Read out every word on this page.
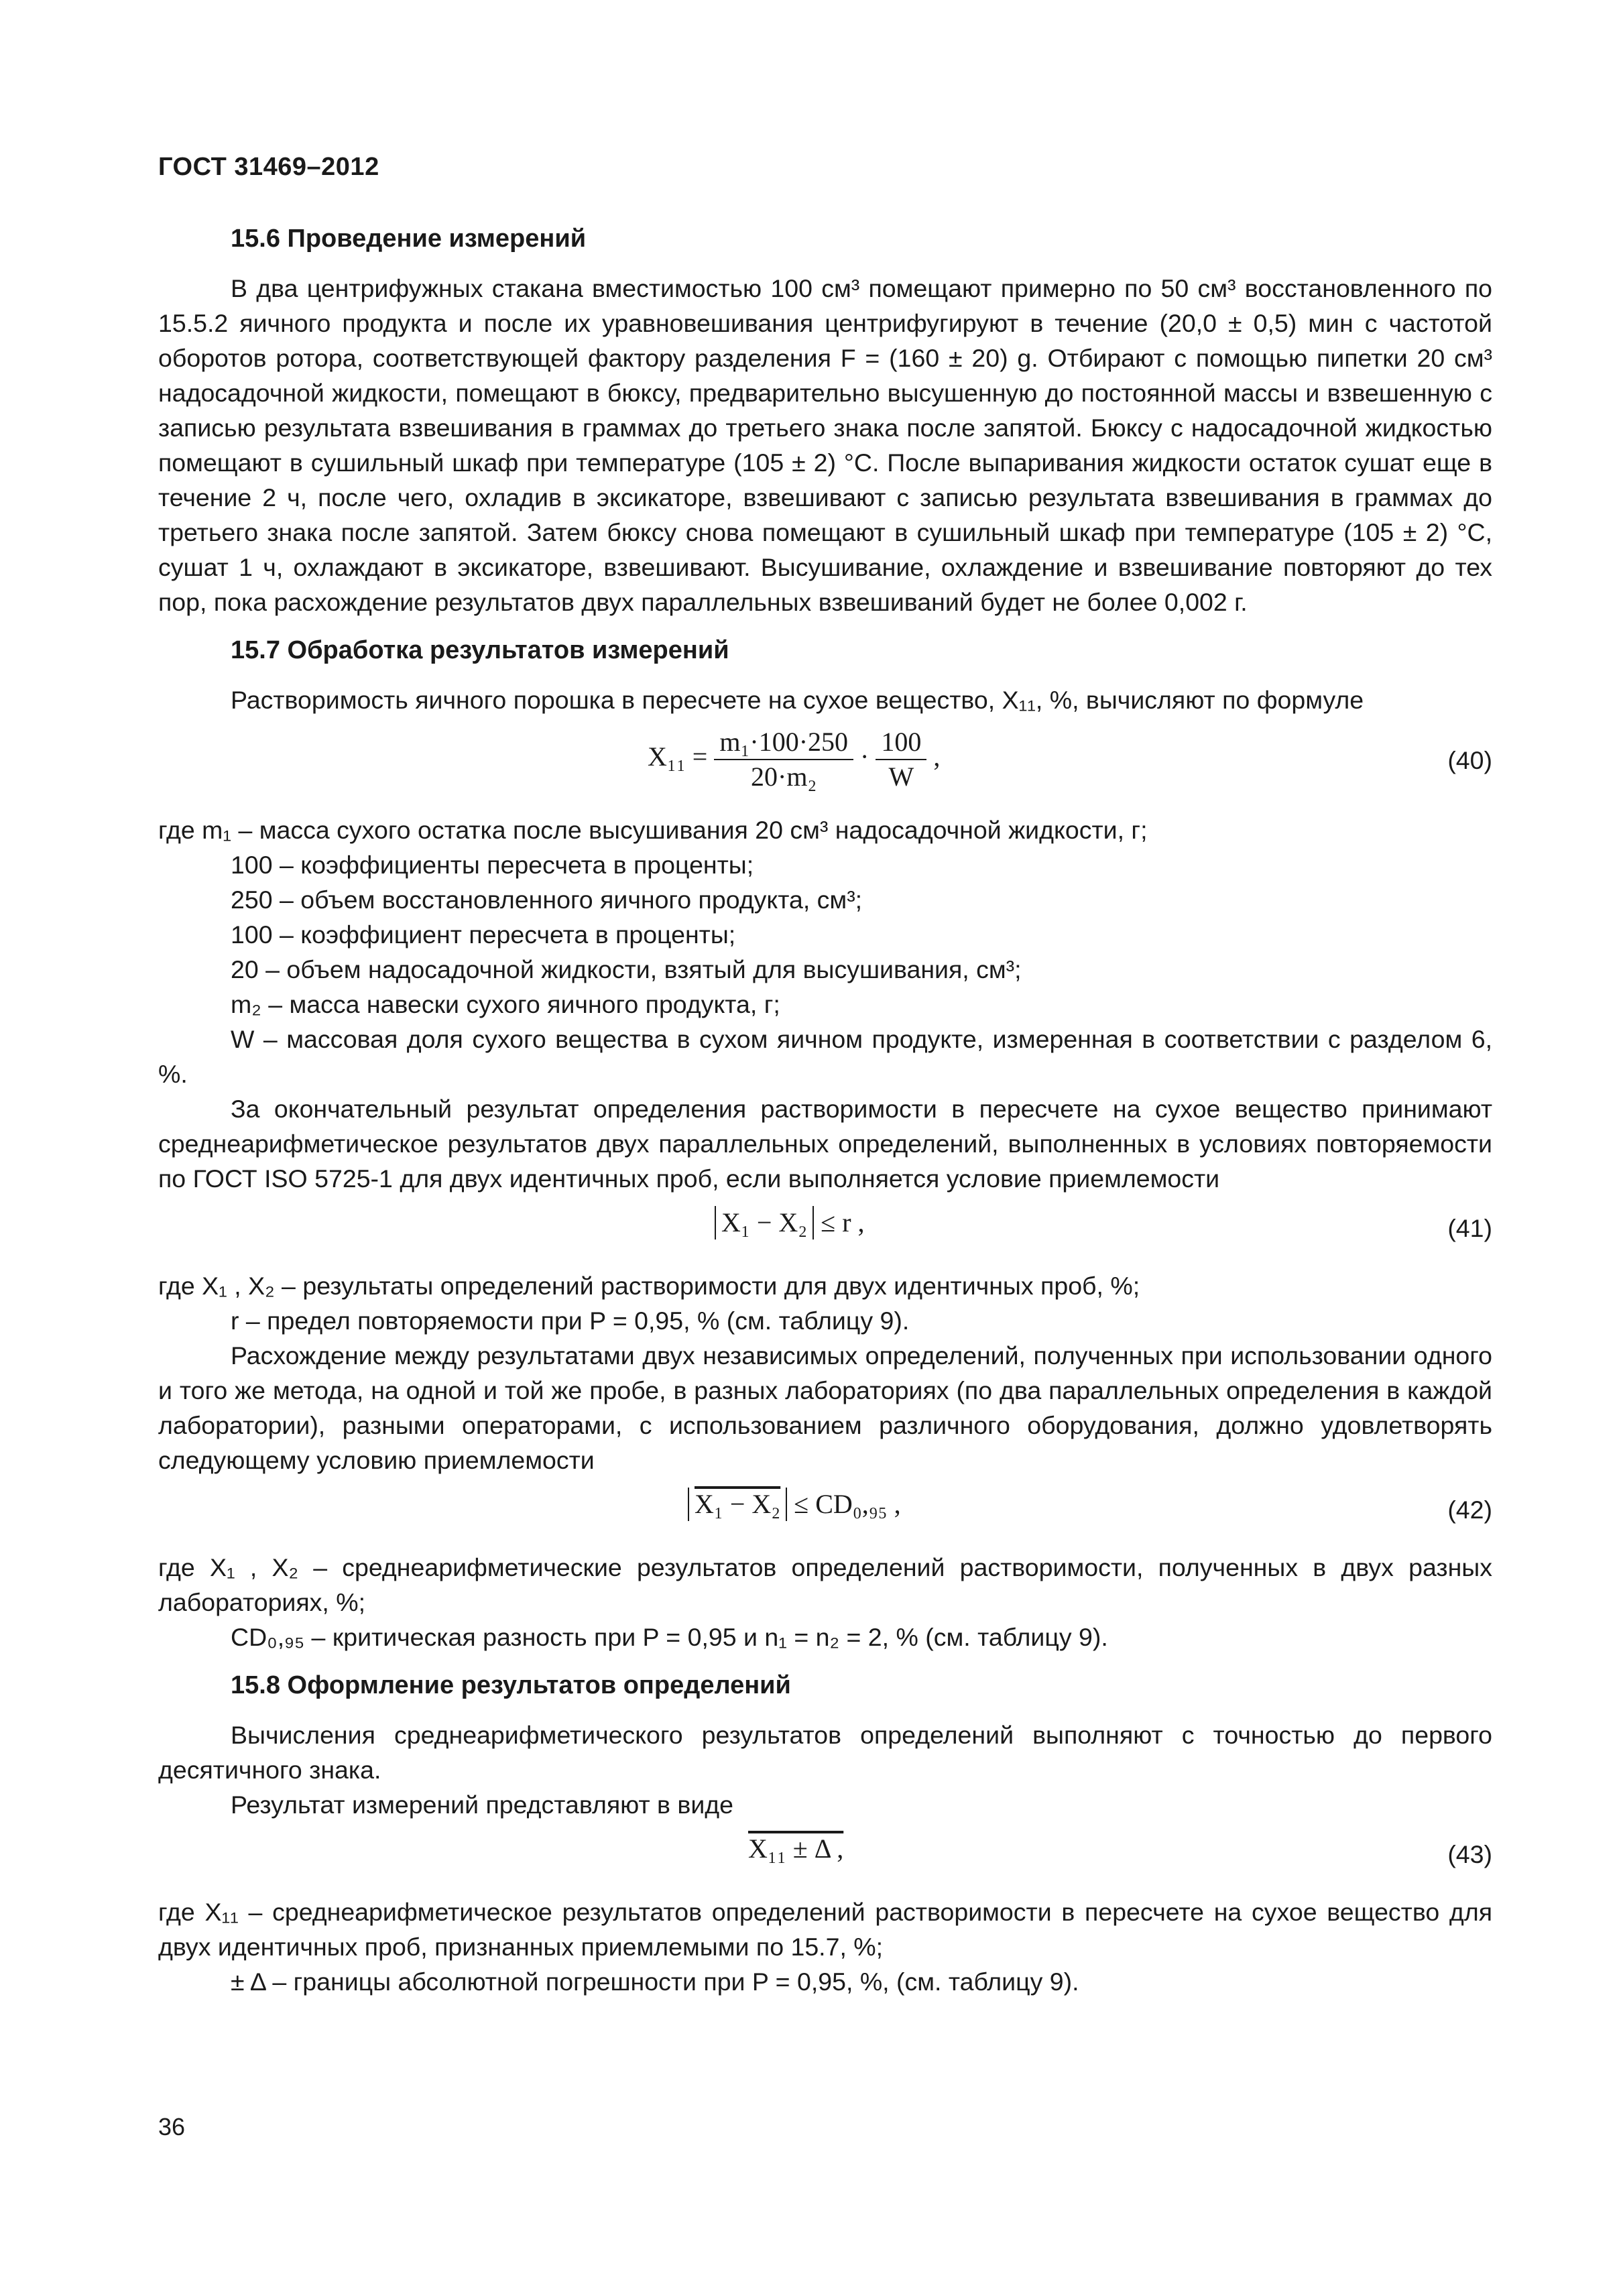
ГОСТ 31469–2012
15.6 Проведение измерений

В два центрифужных стакана вместимостью 100 см³ помещают примерно по 50 см³ восстановленного по 15.5.2 яичного продукта и после их уравновешивания центрифугируют в течение (20,0 ± 0,5) мин с частотой оборотов ротора, соответствующей фактору разделения F = (160 ± 20) g. Отбирают с помощью пипетки 20 см³ надосадочной жидкости, помещают в бюксу, предварительно высушенную до постоянной массы и взвешенную с записью результата взвешивания в граммах до третьего знака после запятой. Бюксу с надосадочной жидкостью помещают в сушильный шкаф при температуре (105 ± 2) °С. После выпаривания жидкости остаток сушат еще в течение 2 ч, после чего, охладив в эксикаторе, взвешивают с записью результата взвешивания в граммах до третьего знака после запятой. Затем бюксу снова помещают в сушильный шкаф при температуре (105 ± 2) °С, сушат 1 ч, охлаждают в эксикаторе, взвешивают. Высушивание, охлаждение и взвешивание повторяют до тех пор, пока расхождение результатов двух параллельных взвешиваний будет не более 0,002 г.

15.7 Обработка результатов измерений

Растворимость яичного порошка в пересчете на сухое вещество, X₁₁, %, вычисляют по формуле

$X_{11} = \frac{\text{m₁·100·250}}{\text{20·m₂}} \cdot \frac{100}{W}$ ,	(40)

где m₁ – масса сухого остатка после высушивания 20 см³ надосадочной жидкости, г;

100 – коэффициенты пересчета в проценты;

250 – объем восстановленного яичного продукта, см³;

100 – коэффициент пересчета в проценты;

20 – объем надосадочной жидкости, взятый для высушивания, см³;

m₂ – масса навески сухого яичного продукта, г;

W – массовая доля сухого вещества в сухом яичном продукте, измеренная в соответствии с разделом 6, %.

За окончательный результат определения растворимости в пересчете на сухое вещество принимают среднеарифметическое результатов двух параллельных определений, выполненных в условиях повторяемости по ГОСТ ISO 5725-1 для двух идентичных проб, если выполняется условие приемлемости

X₁ − X₂ ≤ r ,	(41)

где X₁ , X₂ – результаты определений растворимости для двух идентичных проб, %;

r – предел повторяемости при P = 0,95, % (см. таблицу 9).

Расхождение между результатами двух независимых определений, полученных при использовании одного и того же метода, на одной и той же пробе, в разных лабораториях (по два параллельных определения в каждой лаборатории), разными операторами, с использованием различного оборудования, должно удовлетворять следующему условию приемлемости

X₁ − X₂ ≤ CD₀,₉₅ ,	(42)

где X₁ , X₂ – среднеарифметические результатов определений растворимости, полученных в двух разных лабораториях, %;

CD₀,₉₅ – критическая разность при P = 0,95 и n₁ = n₂ = 2, % (см. таблицу 9).

15.8 Оформление результатов определений

Вычисления среднеарифметического результатов определений выполняют с точностью до первого десятичного знака.

Результат измерений представляют в виде

X₁₁ ± Δ ,	(43)

где X₁₁ – среднеарифметическое результатов определений растворимости в пересчете на сухое вещество для двух идентичных проб, признанных приемлемыми по 15.7, %;

± Δ – границы абсолютной погрешности при P = 0,95, %, (см. таблицу 9).

36
